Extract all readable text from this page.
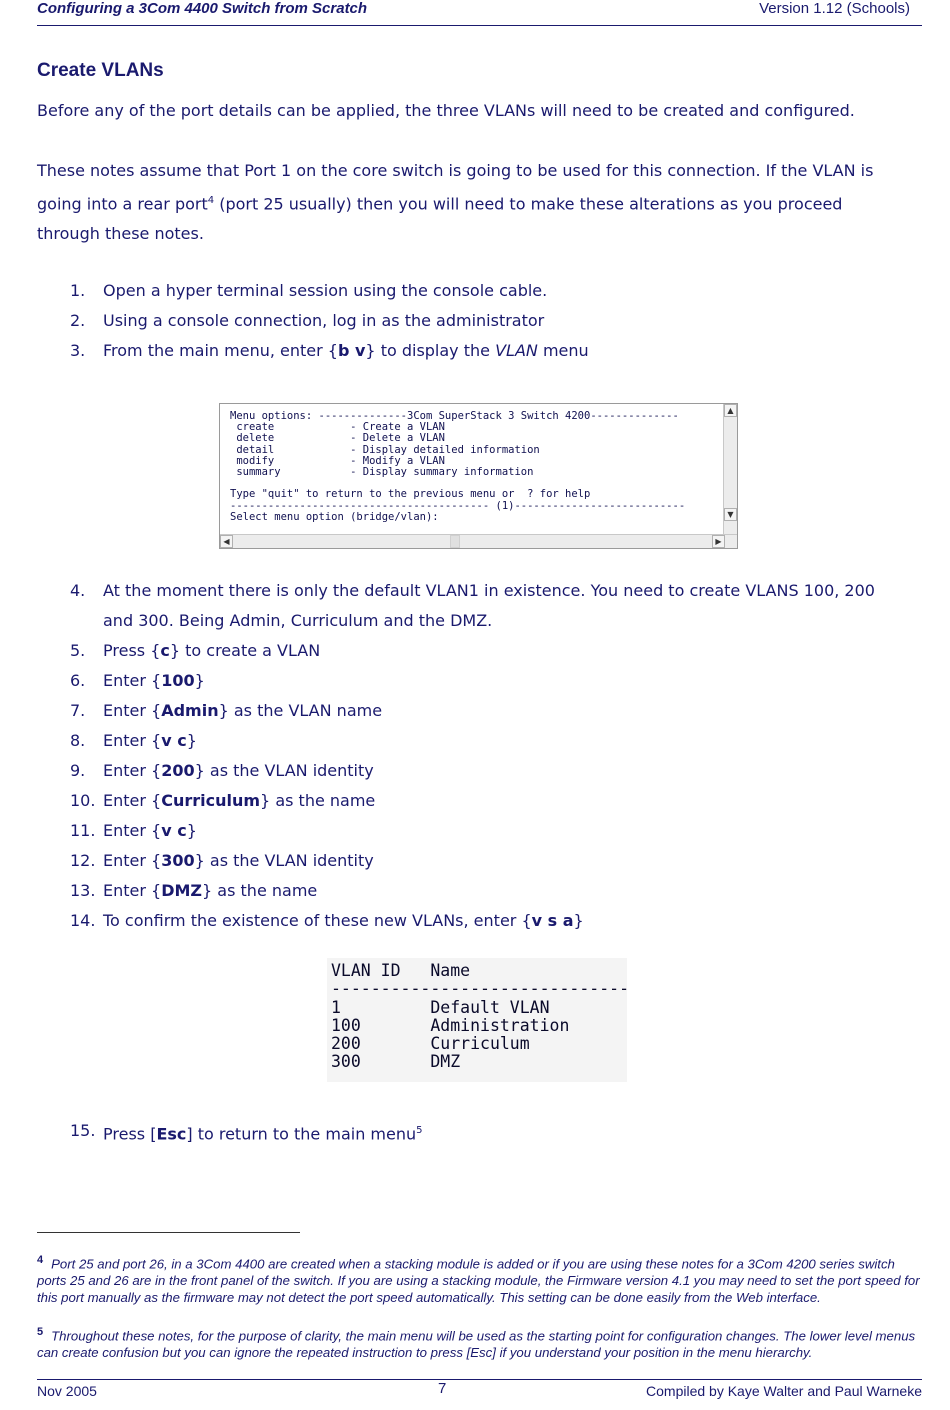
Configuring a 3Com 4400 Switch from Scratch	Version 1.12 (Schools)
Create VLANs
Before any of the port details can be applied, the three VLANs will need to be created and configured.
These notes assume that Port 1 on the core switch is going to be used for this connection. If the VLAN is
going into a rear port$^4$ (port 25 usually) then you will need to make these alterations as you proceed
through these notes.
1. Open a hyper terminal session using the console cable.
2. Using a console connection, log in as the administrator
3. From the main menu, enter {b v} to display the VLAN menu
Menu options: --------------3Com SuperStack 3 Switch 4200--------------
create            - Create a VLAN
delete            - Delete a VLAN
detail            - Display detailed information
modify            - Modify a VLAN
summary           - Display summary information
Type "quit" to return to the previous menu or  ? for help
----------------------------------------- (1)---------------------------
Select menu option (bridge/vlan):
▲
▼
◀	▶
4. At the moment there is only the default VLAN1 in existence. You need to create VLANS 100, 200
and 300. Being Admin, Curriculum and the DMZ.
5. Press {c} to create a VLAN
6. Enter {100}
7. Enter {Admin} as the VLAN name
8. Enter {v c}
9. Enter {200} as the VLAN identity
10. Enter {Curriculum} as the name
11. Enter {v c}
12. Enter {300} as the VLAN identity
13. Enter {DMZ} as the name
14. To confirm the existence of these new VLANs, enter {v s a}
VLAN ID   Name
------------------------------
1         Default VLAN
100       Administration
200       Curriculum
300       DMZ
15. Press [Esc] to return to the main menu$^5$
$^4$ Port 25 and port 26, in a 3Com 4400 are created when a stacking module is added or if you are using these notes for a 3Com 4200 series switch ports 25 and 26 are in the front panel of the switch. If you are using a stacking module, the Firmware version 4.1 you may need to set the port speed for this port manually as the firmware may not detect the port speed automatically. This setting can be done easily from the Web interface.
$^5$ Throughout these notes, for the purpose of clarity, the main menu will be used as the starting point for configuration changes. The lower level menus can create confusion but you can ignore the repeated instruction to press [Esc] if you understand your position in the menu hierarchy.
Nov 2005	7	Compiled by Kaye Walter and Paul Warneke
